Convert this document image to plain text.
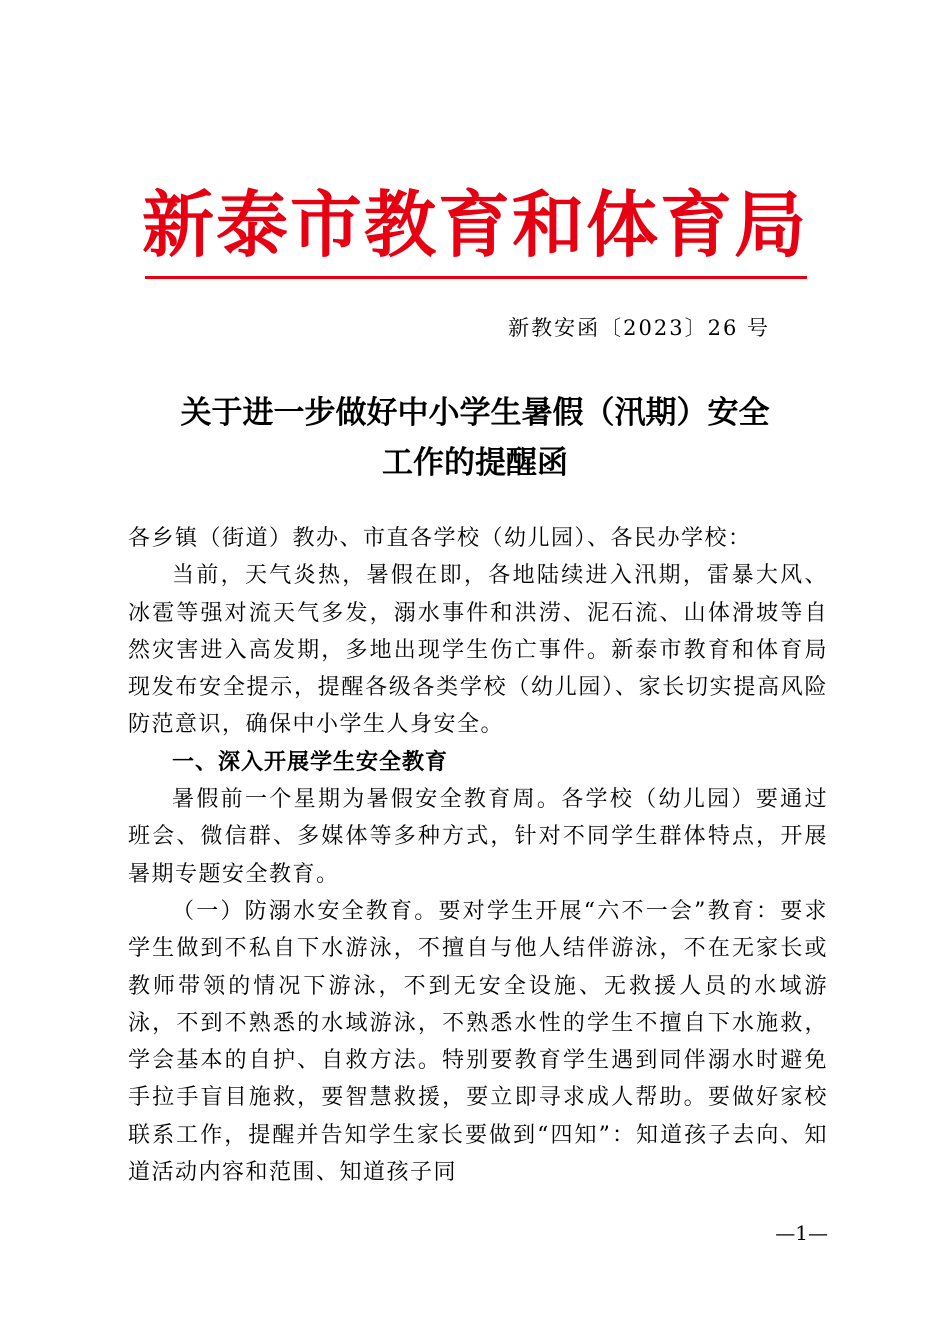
新泰市教育和体育局
新教安函〔2023〕26 号
关于进一步做好中小学生暑假（汛期）安全
工作的提醒函

各乡镇（街道）教办、市直各学校（幼儿园）、各民办学校：

当前，天气炎热，暑假在即，各地陆续进入汛期，雷暴大风、冰雹等强对流天气多发，溺水事件和洪涝、泥石流、山体滑坡等自然灾害进入高发期，多地出现学生伤亡事件。新泰市教育和体育局现发布安全提示，提醒各级各类学校（幼儿园）、家长切实提高风险防范意识，确保中小学生人身安全。

一、深入开展学生安全教育

暑假前一个星期为暑假安全教育周。各学校（幼儿园）要通过班会、微信群、多媒体等多种方式，针对不同学生群体特点，开展暑期专题安全教育。

（一）防溺水安全教育。要对学生开展“六不一会”教育：要求学生做到不私自下水游泳，不擅自与他人结伴游泳，不在无家长或教师带领的情况下游泳，不到无安全设施、无救援人员的水域游泳，不到不熟悉的水域游泳，不熟悉水性的学生不擅自下水施救，学会基本的自护、自救方法。特别要教育学生遇到同伴溺水时避免手拉手盲目施救，要智慧救援，要立即寻求成人帮助。要做好家校联系工作，提醒并告知学生家长要做到“四知”：知道孩子去向、知道活动内容和范围、知道孩子同

—1—
